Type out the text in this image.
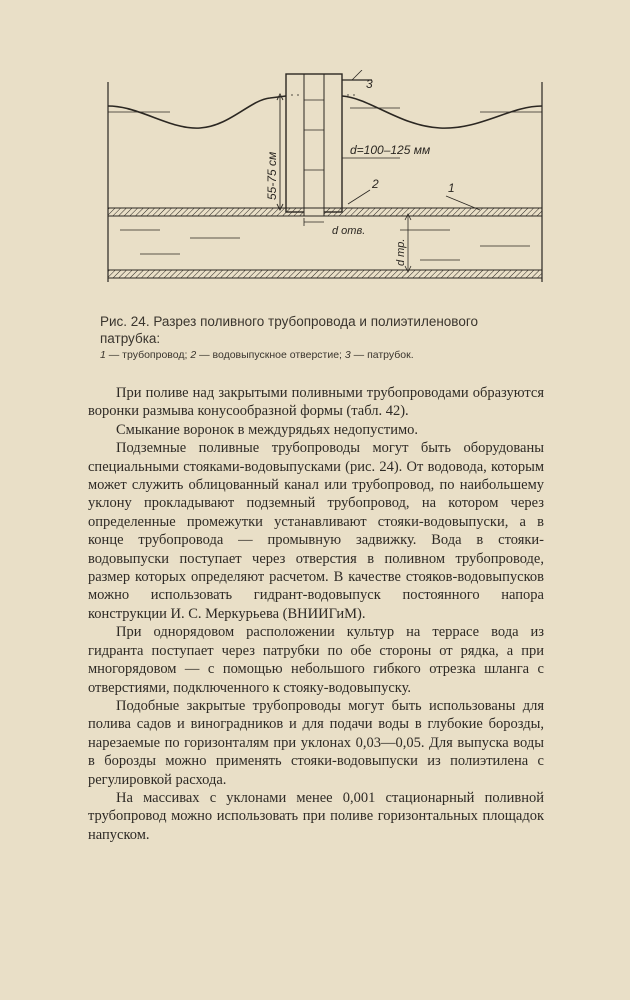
3
2	1
55-75 см
d=100–125 мм
d отв.
d тр.
Рис. 24. Разрез поливного трубопровода и полиэтиленового патрубка:
1 — трубопровод; 2 — водовыпускное отверстие; 3 — патрубок.

При поливе над закрытыми поливными трубопроводами образуются воронки размыва конусообразной формы (табл. 42).

Смыкание воронок в междурядьях недопустимо.

Подземные поливные трубопроводы могут быть оборудованы специальными стояками-водовыпусками (рис. 24). От водовода, которым может служить облицованный канал или трубопровод, по наибольшему уклону прокладывают подземный трубопровод, на котором через определенные промежутки устанавливают стояки-водовыпуски, а в конце трубопровода — промывную задвижку. Вода в стояки-водовыпуски поступает через отверстия в поливном трубопроводе, размер которых определяют расчетом. В качестве стояков-водовыпусков можно использовать гидрант-водовыпуск постоянного напора конструкции И. С. Меркурьева (ВНИИГиМ).

При однорядовом расположении культур на террасе вода из гидранта поступает через патрубки по обе стороны от рядка, а при многорядовом — с помощью небольшого гибкого отрезка шланга с отверстиями, подключенного к стояку-водовыпуску.

Подобные закрытые трубопроводы могут быть использованы для полива садов и виноградников и для подачи воды в глубокие борозды, нарезаемые по горизонталям при уклонах 0,03—0,05. Для выпуска воды в борозды можно применять стояки-водовыпуски из полиэтилена с регулировкой расхода.

На массивах с уклонами менее 0,001 стационарный поливной трубопровод можно использовать при поливе горизонтальных площадок напуском.
